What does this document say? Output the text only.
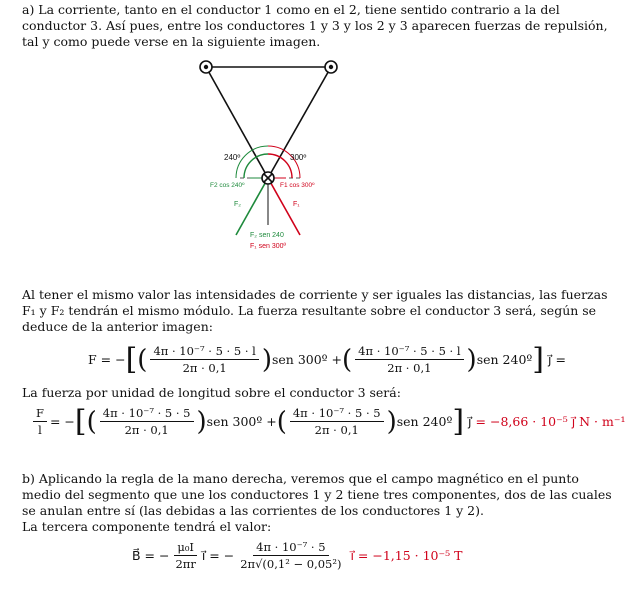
a) La corriente, tanto en el conductor 1 como en el 2, tiene sentido contrario a la del conductor 3. Así pues, entre los conductores 1 y 3 y los 2 y 3 aparecen fuerzas de repulsión, tal y como puede verse en la siguiente imagen.
240º	300º
F2 cos 240º	F1 cos 300º
F₂	F₁
F₂ sen 240
F₁ sen 300º
Al tener el mismo valor las intensidades de corriente y ser iguales las distancias, las fuerzas F₁ y F₂ tendrán el mismo módulo. La fuerza resultante sobre el conductor 3 será, según se deduce de la anterior imagen:
F = − [ ( $\frac{\text{4π · 10⁻⁷ · 5 · 5 · l}}{2\pi \cdot 0,1}$ ) sen 300º + ( $\frac{\text{4π · 10⁻⁷ · 5 · 5 · l}}{2\pi \cdot 0,1}$ ) sen 240º ] j⃗ =
La fuerza por unidad de longitud sobre el conductor 3 será:
$\frac{F}{l}$ = − [ ( $\frac{\text{4π · 10⁻⁷ · 5 · 5}}{2\pi \cdot 0,1}$ ) sen 300º + ( $\frac{\text{4π · 10⁻⁷ · 5 · 5}}{2\pi \cdot 0,1}$ ) sen 240º ] j⃗ = −8,66 · 10⁻⁵ j⃗ N · m⁻¹
b) Aplicando la regla de la mano derecha, veremos que el campo magnético en el punto medio del segmento que une los conductores 1 y 2 tiene tres componentes, dos de las cuales se anulan entre sí (las debidas a las corrientes de los conductores 1 y 2).
La tercera componente tendrá el valor:
B⃗ = − $\frac{\text{μ₀I}}{2\pi r}$ i⃗ = − $\frac{\text{4π · 10⁻⁷ · 5}}{\text{2π√(0,1² − 0,05²)}}$ i⃗ = −1,15 · 10⁻⁵ T
